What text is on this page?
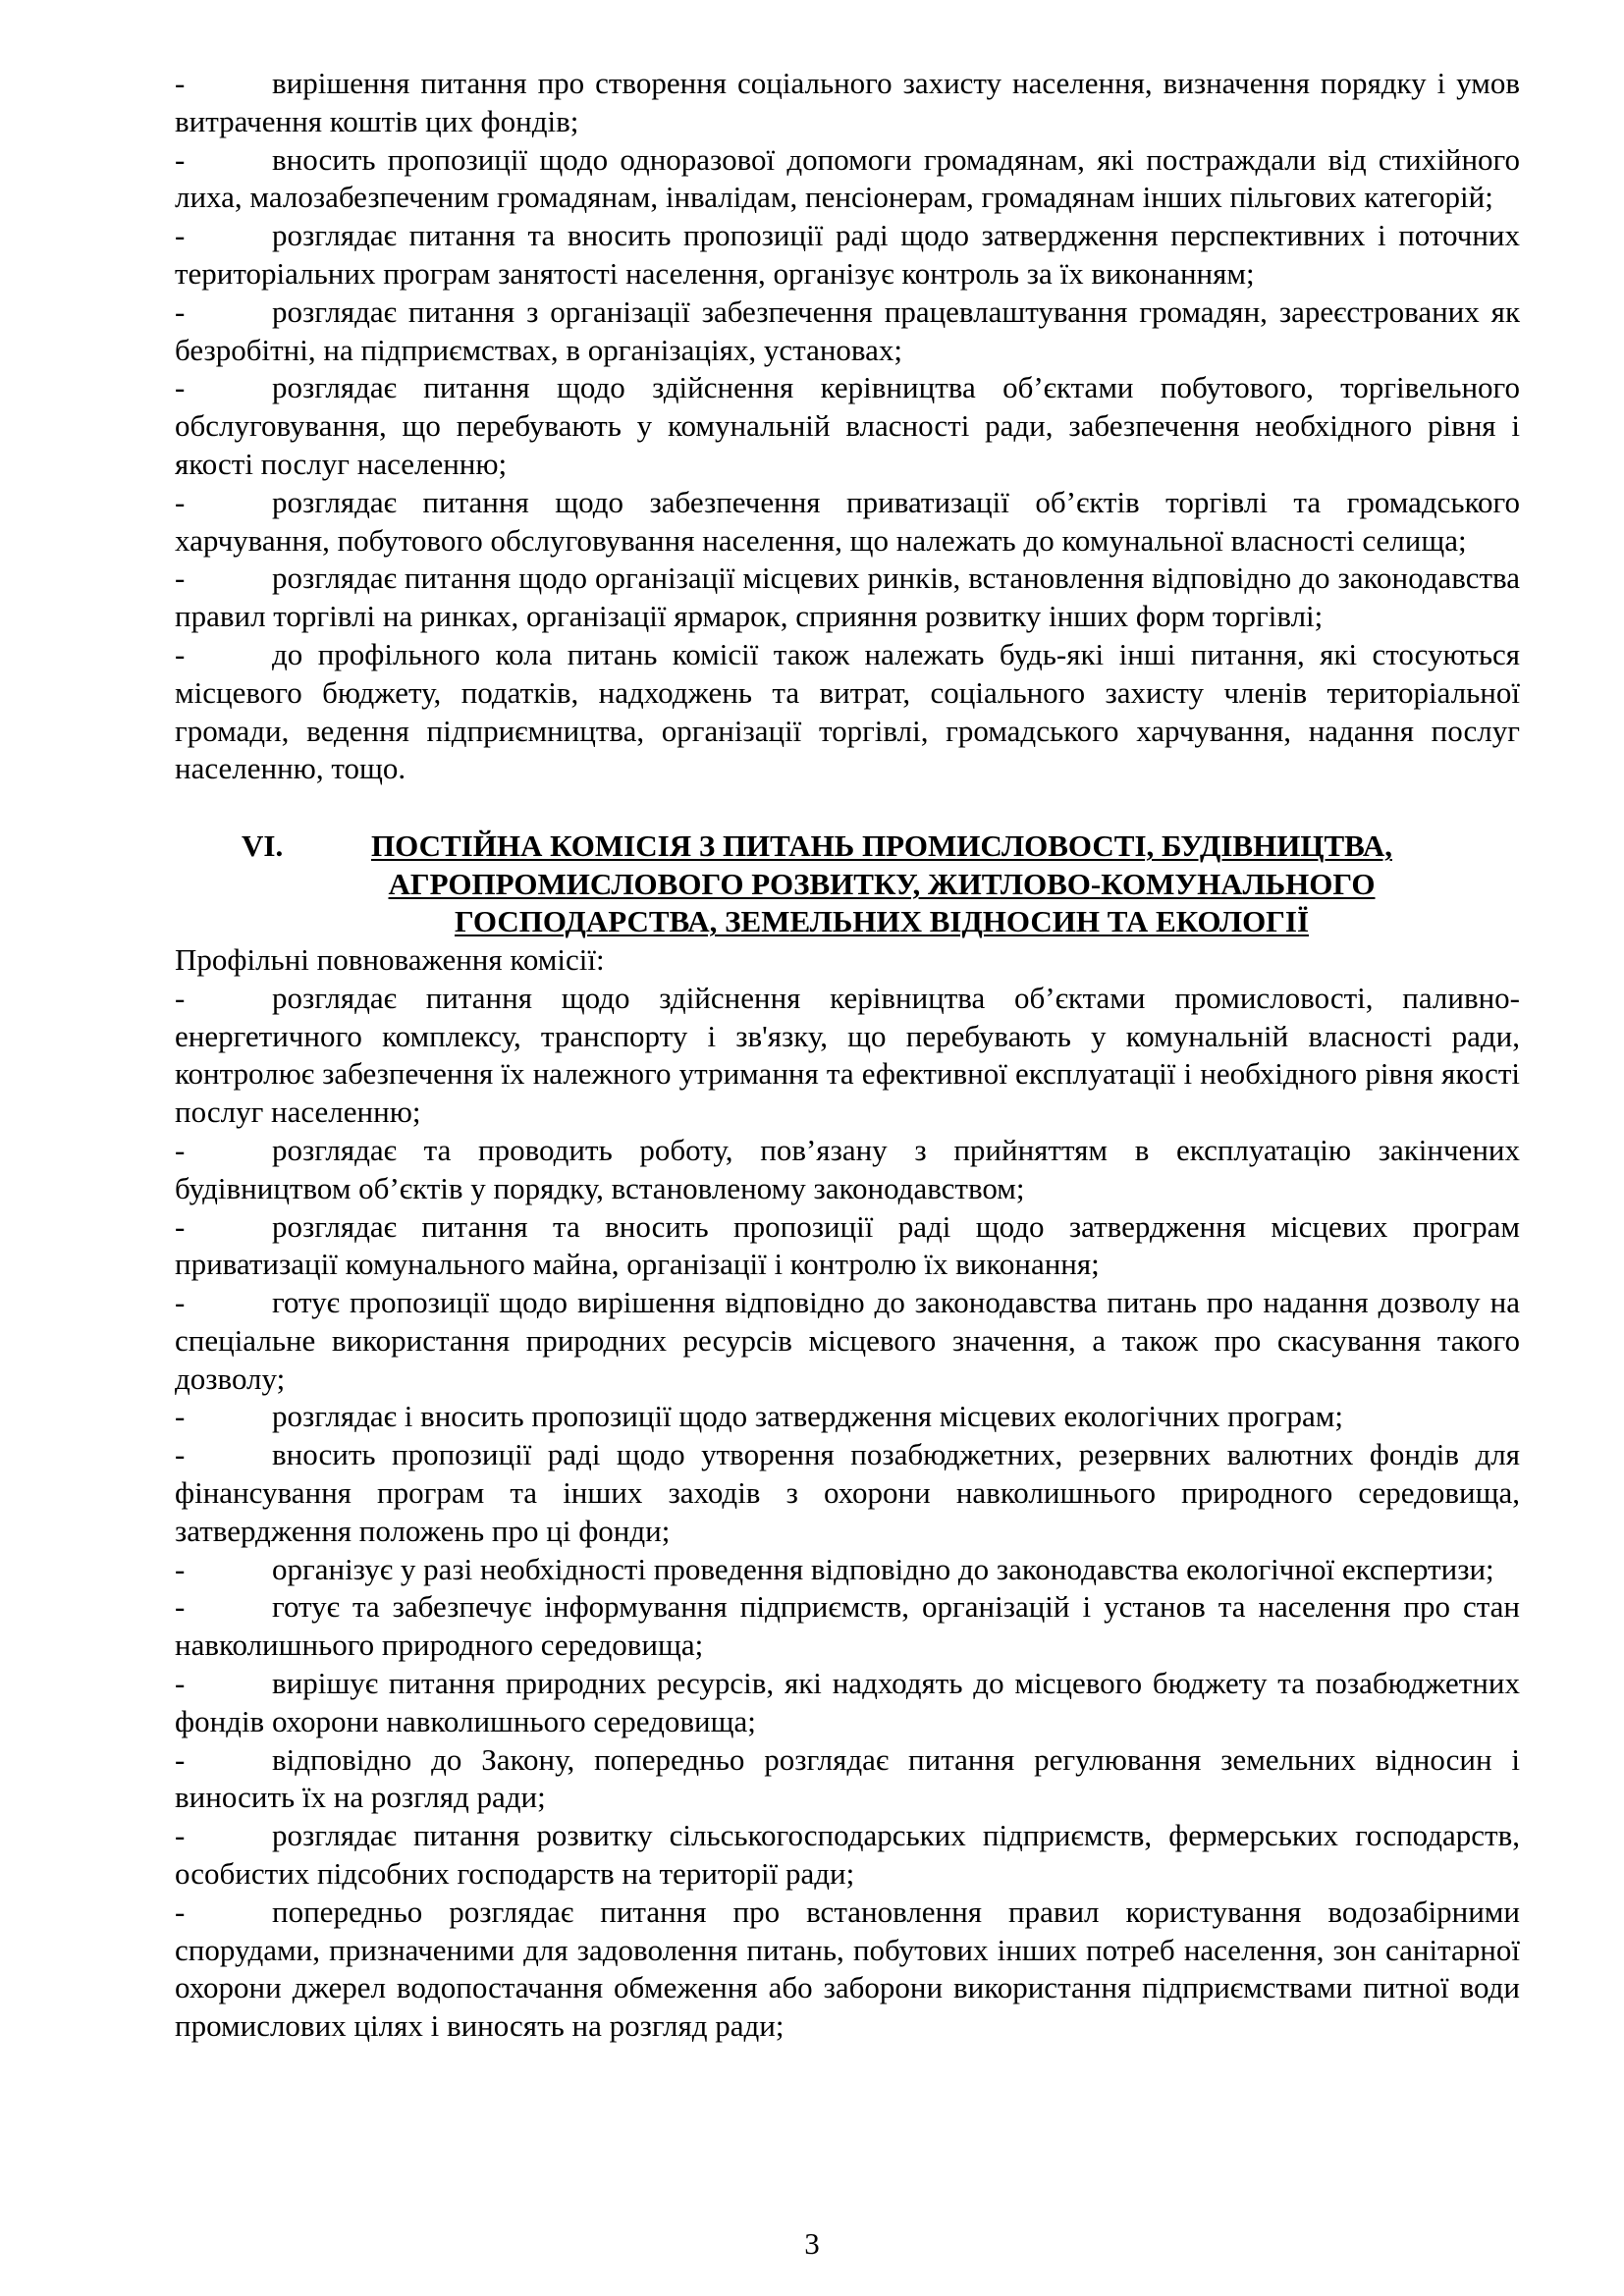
-	вирішення питання про створення соціального захисту населення, визначення порядку і умов витрачення коштів цих фондів;

-	вносить пропозиції щодо одноразової допомоги громадянам, які постраждали від стихійного лиха, малозабезпеченим громадянам, інвалідам, пенсіонерам, громадянам інших пільгових категорій;

-	розглядає питання та вносить пропозиції раді щодо затвердження перспективних і поточних територіальних програм занятості населення, організує контроль за їх виконанням;

-	розглядає питання з організації забезпечення працевлаштування громадян, зареєстрованих як безробітні, на підприємствах, в організаціях, установах;

-	розглядає питання щодо здійснення керівництва об’єктами побутового, торгівельного обслуговування, що перебувають у комунальній власності ради, забезпечення необхідного рівня і якості послуг населенню;

-	розглядає питання щодо забезпечення приватизації об’єктів торгівлі та громадського харчування, побутового обслуговування населення, що належать до комунальної власності селища;

-	розглядає питання щодо організації місцевих ринків, встановлення відповідно до законодавства правил торгівлі на ринках, організації ярмарок, сприяння розвитку інших форм торгівлі;

-	до профільного кола питань комісії також належать будь-які інші питання, які стосуються місцевого бюджету, податків, надходжень та витрат, соціального захисту членів територіальної громади, ведення підприємництва, організації торгівлі, громадського харчування, надання послуг населенню, тощо.

VI.	ПОСТІЙНА КОМІСІЯ З ПИТАНЬ ПРОМИСЛОВОСТІ, БУДІВНИЦТВА,
АГРОПРОМИСЛОВОГО РОЗВИТКУ, ЖИТЛОВО-КОМУНАЛЬНОГО
ГОСПОДАРСТВА, ЗЕМЕЛЬНИХ ВІДНОСИН ТА ЕКОЛОГІЇ

Профільні повноваження комісії:

-	розглядає питання щодо здійснення керівництва об’єктами промисловості, паливно-енергетичного комплексу, транспорту і зв'язку, що перебувають у комунальній власності ради, контролює забезпечення їх належного утримання та ефективної експлуатації і необхідного рівня якості послуг населенню;

-	розглядає та проводить роботу, пов’язану з прийняттям в експлуатацію закінчених будівництвом об’єктів у порядку, встановленому законодавством;

-	розглядає питання та вносить пропозиції раді щодо затвердження місцевих програм приватизації комунального майна, організації і контролю їх виконання;

-	готує пропозиції щодо вирішення відповідно до законодавства питань про надання дозволу на спеціальне використання природних ресурсів місцевого значення, а також про скасування такого дозволу;

-	розглядає і вносить пропозиції щодо затвердження місцевих екологічних програм;

-	вносить пропозиції раді щодо утворення позабюджетних, резервних валютних фондів для фінансування програм та інших заходів з охорони навколишнього природного середовища, затвердження положень про ці фонди;

-	організує у разі необхідності проведення відповідно до законодавства екологічної експертизи;

-	готує та забезпечує інформування підприємств, організацій і установ та населення про стан навколишнього природного середовища;

-	вирішує питання природних ресурсів, які надходять до місцевого бюджету та позабюджетних фондів охорони навколишнього середовища;

-	відповідно до Закону, попередньо розглядає питання регулювання земельних відносин і виносить їх на розгляд ради;

-	розглядає питання розвитку сільськогосподарських підприємств, фермерських господарств, особистих підсобних господарств на території ради;

-	попередньо розглядає питання про встановлення правил користування водозабірними спорудами, призначеними для задоволення питань, побутових інших потреб населення, зон санітарної охорони джерел водопостачання обмеження або заборони використання підприємствами питної води промислових цілях і виносять на розгляд ради;

3
